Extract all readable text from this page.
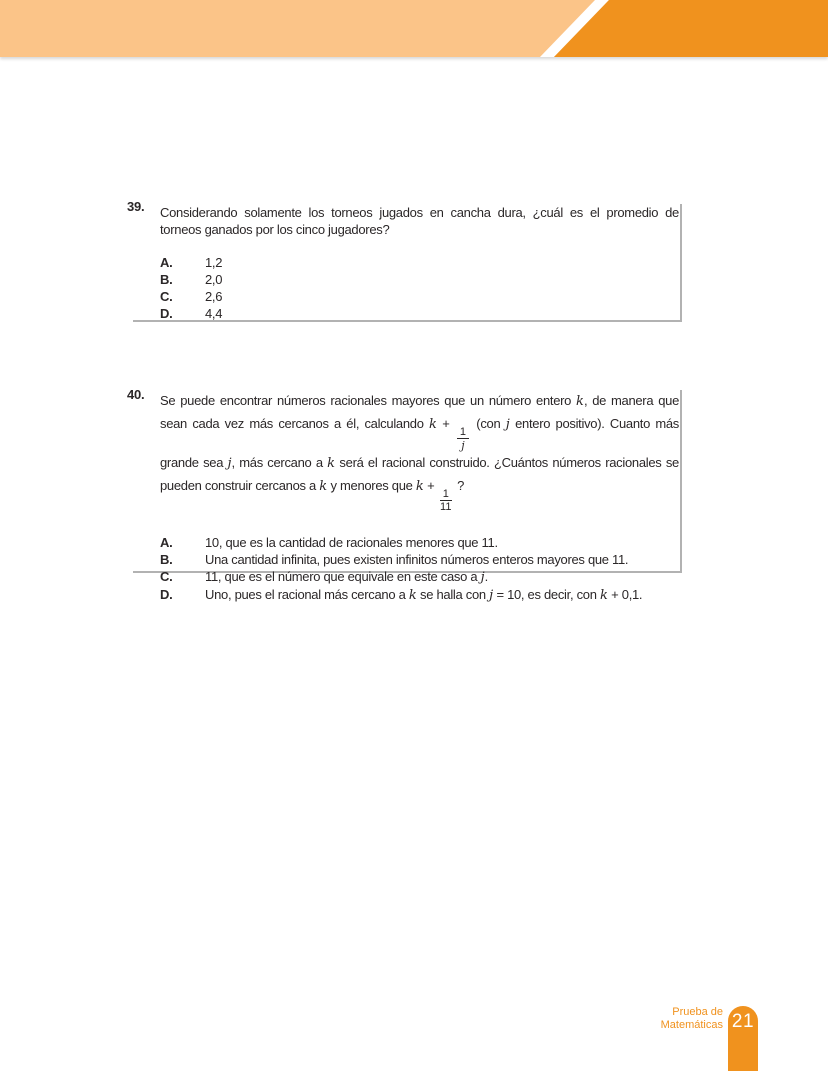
39.	Considerando solamente los torneos jugados en cancha dura, ¿cuál es el promedio de torneos ganados por los cinco jugadores?

A.	1,2
B.	2,0
C.	2,6
D.	4,4
40.	Se puede encontrar números racionales mayores que un número entero k, de manera que sean cada vez más cercanos a él, calculando k +
$\frac{1}{j}$
(con j entero positivo). Cuanto más grande sea j, más cercano a k será el racional construido. ¿Cuántos números racionales se pueden construir cercanos a k y menores que k +
$\frac{1}{11}$
?

A.	10, que es la cantidad de racionales menores que 11.
B.	Una cantidad infinita, pues existen infinitos números enteros mayores que 11.
C.	11, que es el número que equivale en este caso a j.
D.	Uno, pues el racional más cercano a k se halla con j = 10, es decir, con k + 0,1.
Prueba de
Matemáticas 21
